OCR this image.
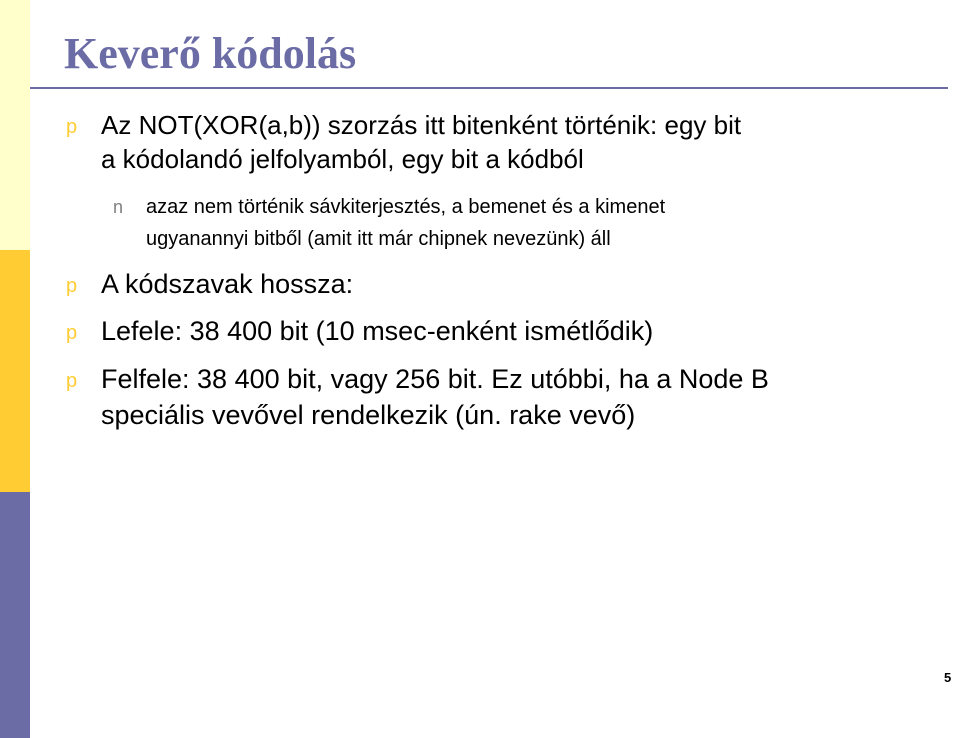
Keverő kódolás
p Az NOT(XOR(a,b)) szorzás itt bitenként történik: egy bit

a kódolandó jelfolyamból, egy bit a kódból

n azaz nem történik sávkiterjesztés, a bemenet és a kimenet

ugyanannyi bitből (amit itt már chipnek nevezünk) áll

p A kódszavak hossza:

p Lefele: 38 400 bit (10 msec-enként ismétlődik)

p Felfele: 38 400 bit, vagy 256 bit. Ez utóbbi, ha a Node B

speciális vevővel rendelkezik (ún. rake vevő)

5
